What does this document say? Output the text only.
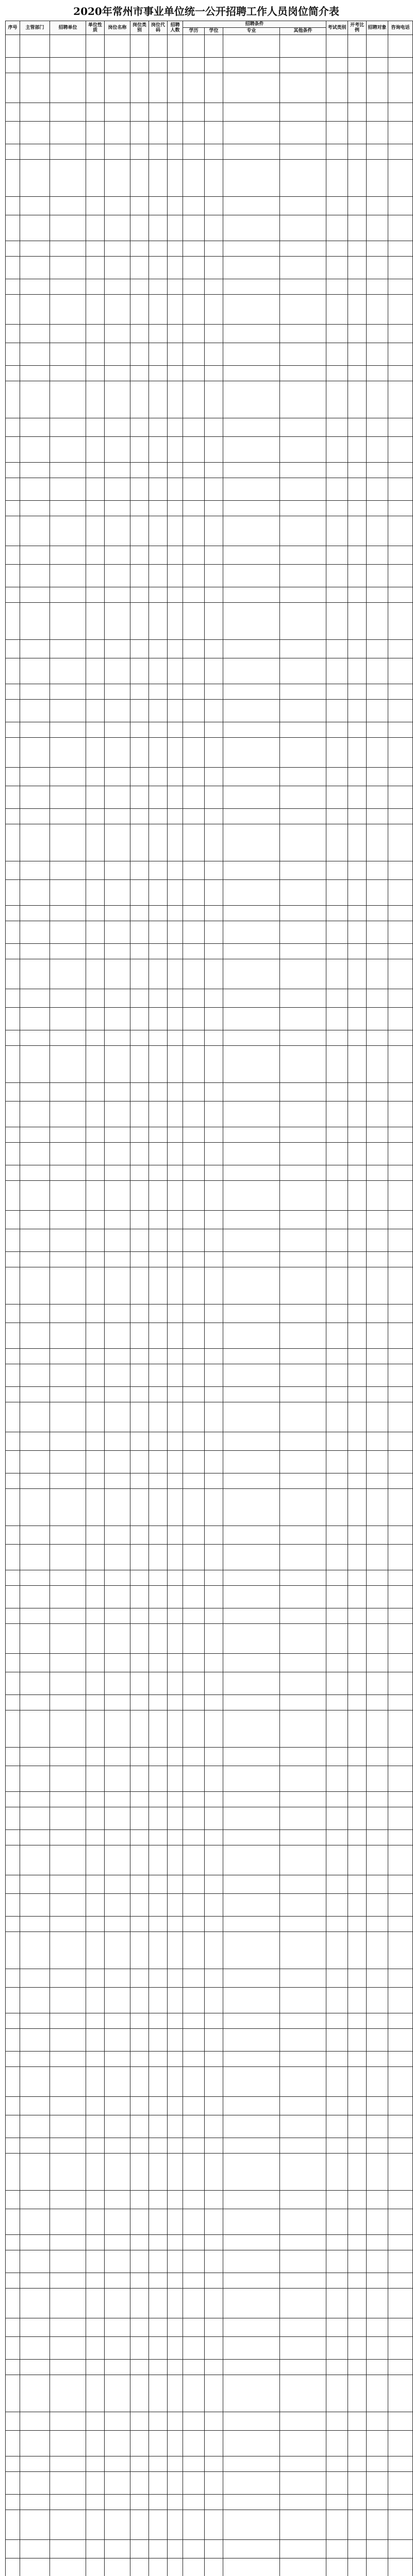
2020年常州市事业单位统一公开招聘工作人员岗位简介表
序号	主管部门	招聘单位	单位性质	岗位名称	岗位类别	岗位代码	招聘人数	招聘条件				考试类别	开考比例	招聘对象	咨询电话
								学历	学位	专业	其他条件				
